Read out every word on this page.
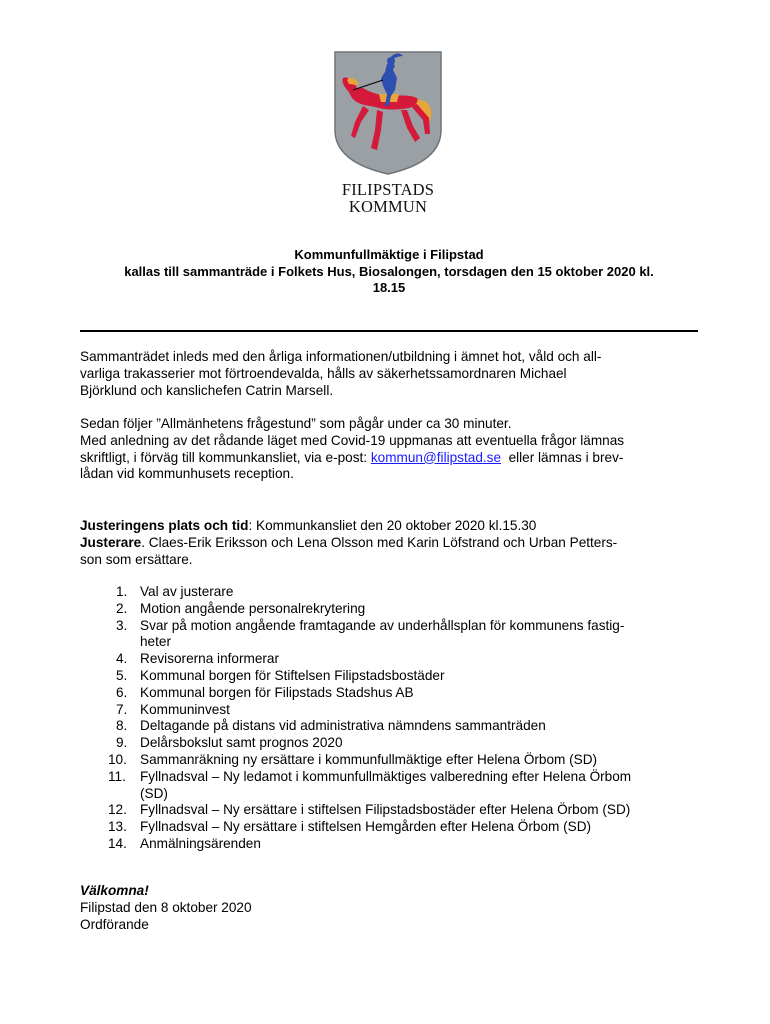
FILIPSTADS
KOMMUN
Kommunfullmäktige i Filipstad
kallas till sammanträde i Folkets Hus, Biosalongen, torsdagen den 15 oktober 2020 kl.
18.15
Sammanträdet inleds med den årliga informationen/utbildning i ämnet hot, våld och all-
varliga trakasserier mot förtroendevalda, hålls av säkerhetssamordnaren Michael
Björklund och kanslichefen Catrin Marsell.
Sedan följer ”Allmänhetens frågestund” som pågår under ca 30 minuter.
Med anledning av det rådande läget med Covid-19 uppmanas att eventuella frågor lämnas
skriftligt, i förväg till kommunkansliet, via e-post: kommun@filipstad.se  eller lämnas i brev-
lådan vid kommunhusets reception.
Justeringens plats och tid: Kommunkansliet den 20 oktober 2020 kl.15.30
Justerare. Claes-Erik Eriksson och Lena Olsson med Karin Löfstrand och Urban Petters-
son som ersättare.
1. Val av justerare
2. Motion angående personalrekrytering
3. Svar på motion angående framtagande av underhållsplan för kommunens fastig-
heter
4. Revisorerna informerar
5. Kommunal borgen för Stiftelsen Filipstadsbostäder
6. Kommunal borgen för Filipstads Stadshus AB
7. Kommuninvest
8. Deltagande på distans vid administrativa nämndens sammanträden
9. Delårsbokslut samt prognos 2020
10. Sammanräkning ny ersättare i kommunfullmäktige efter Helena Örbom (SD)
11. Fyllnadsval – Ny ledamot i kommunfullmäktiges valberedning efter Helena Örbom
(SD)
12. Fyllnadsval – Ny ersättare i stiftelsen Filipstadsbostäder efter Helena Örbom (SD)
13. Fyllnadsval – Ny ersättare i stiftelsen Hemgården efter Helena Örbom (SD)
14. Anmälningsärenden
Välkomna!
Filipstad den 8 oktober 2020
Ordförande
